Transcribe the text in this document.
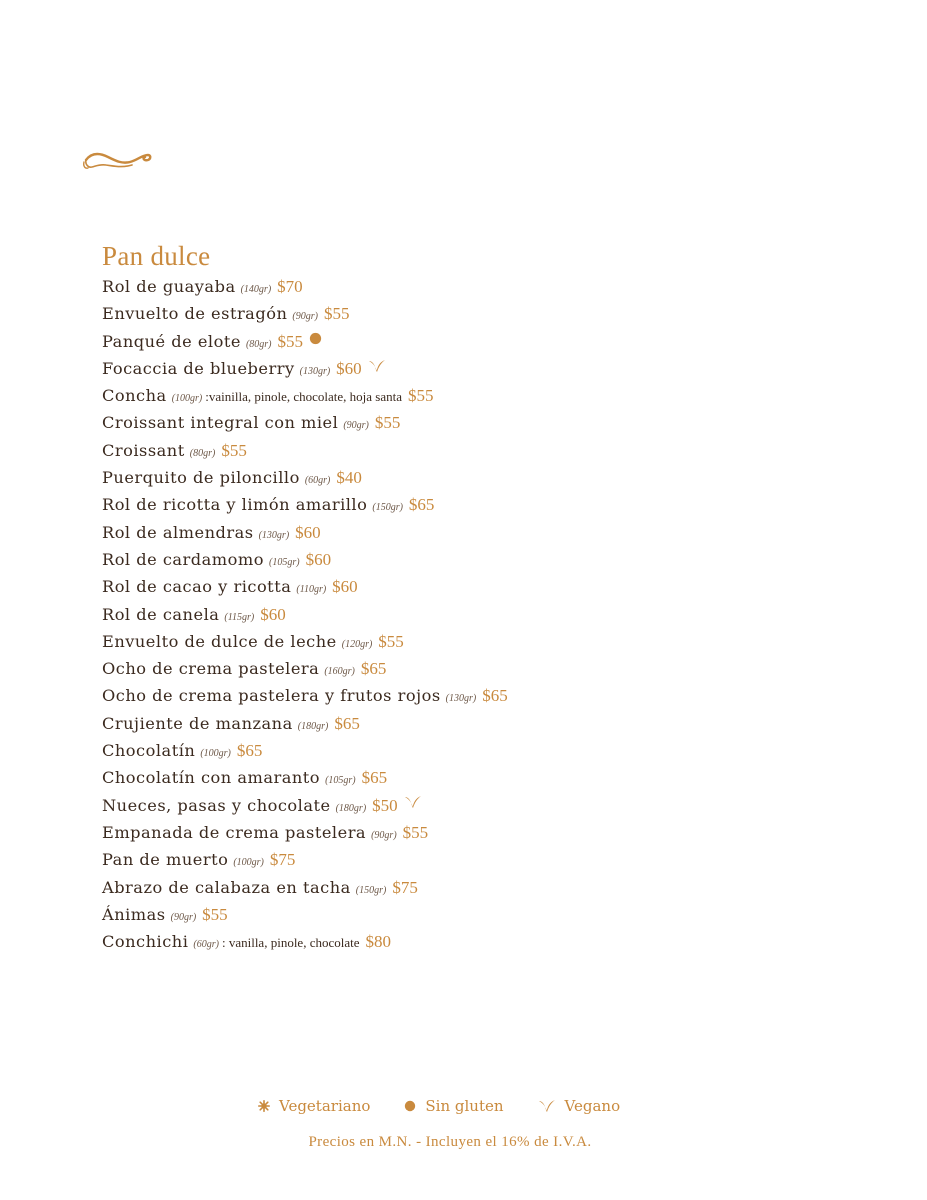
Pan dulce
Rol de guayaba (140gr) $70
Envuelto de estragón (90gr) $55
Panqué de elote (80gr) $55
Focaccia de blueberry (130gr) $60
Concha (100gr) :vainilla, pinole, chocolate, hoja santa $55
Croissant integral con miel (90gr) $55
Croissant (80gr) $55
Puerquito de piloncillo (60gr) $40
Rol de ricotta y limón amarillo (150gr) $65
Rol de almendras (130gr) $60
Rol de cardamomo (105gr) $60
Rol de cacao y ricotta (110gr) $60
Rol de canela (115gr) $60
Envuelto de dulce de leche (120gr) $55
Ocho de crema pastelera (160gr) $65
Ocho de crema pastelera y frutos rojos (130gr) $65
Crujiente de manzana (180gr) $65
Chocolatín (100gr) $65
Chocolatín con amaranto (105gr) $65
Nueces, pasas y chocolate (180gr) $50
Empanada de crema pastelera (90gr) $55
Pan de muerto (100gr) $75
Abrazo de calabaza en tacha (150gr) $75
Ánimas (90gr) $55
Conchichi (60gr) : vanilla, pinole, chocolate $80
Vegetariano	Sin gluten	Vegano
Precios en M.N. - Incluyen el 16% de I.V.A.
